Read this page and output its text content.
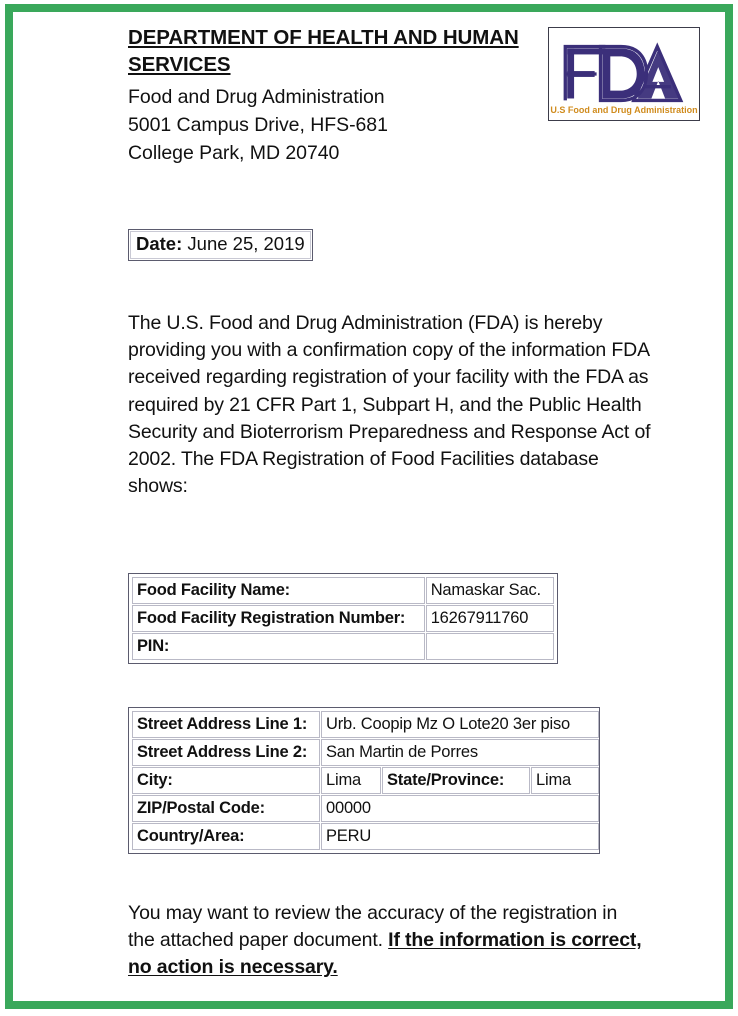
DEPARTMENT OF HEALTH AND HUMAN SERVICES
Food and Drug Administration
5001 Campus Drive, HFS-681
College Park, MD 20740
U.S Food and Drug Administration
Date: June 25, 2019
The U.S. Food and Drug Administration (FDA) is hereby providing you with a confirmation copy of the information FDA received regarding registration of your facility with the FDA as required by 21 CFR Part 1, Subpart H, and the Public Health Security and Bioterrorism Preparedness and Response Act of 2002. The FDA Registration of Food Facilities database shows:
Food Facility Name:	Namaskar Sac.
Food Facility Registration Number:	16267911760
PIN:	
Street Address Line 1:	Urb. Coopip Mz O Lote20 3er piso		
Street Address Line 2:	San Martin de Porres		
City:	Lima	State/Province:	Lima
ZIP/Postal Code:	00000		
Country/Area:	PERU		
You may want to review the accuracy of the registration in the attached paper document. If the information is correct, no action is necessary.
